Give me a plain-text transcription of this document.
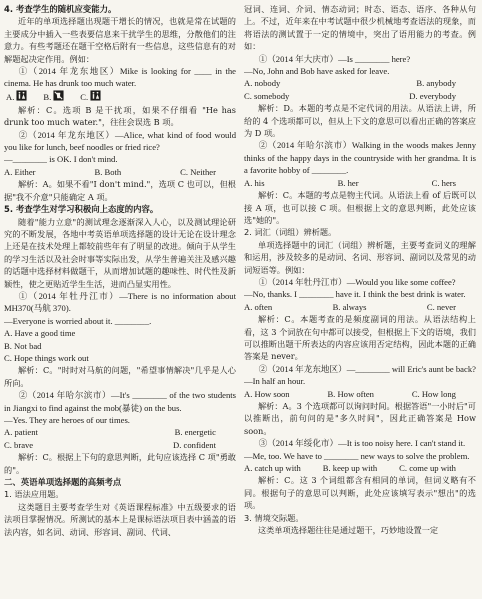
4. 考查学生的随机应变能力。

近年的单项选择题出现题干增长的情况，也就是常在试题的主要成分中插入一些表要信息来干扰学生的思维，分散他们的注意力。有些考题还在题干空格后附有一些信息，这些信息有的对解题起决定作用。例如：

①（2014 年龙东地区）Mike is looking for ____ in the cinema. He has drunk too much water.

A.	B.	C.

解析：C。选项 B 是干扰项，如果不仔细看 "He has drunk too much water."，往往会误选 B 项。

②（2014 年龙东地区）—Alice, what kind of food would you like for lunch, beef noodles or fried rice?

—________ is OK. I don't mind.

A. Either	B. Both	C. Neither

解析：A。如果不看"I don't mind."，选项 C 也可以，但根据"我不介意"只能确定 A 项。

5. 考查学生对学习积极向上态度的内容。

随着"能力立意"的测试理念逐渐深入人心，以及测试理论研究的不断发展，各地中考英语单项选择题的设计无论在设计理念上还是在技术处理上都较前些年有了明显的改进。倾向于从学生的学习生活以及社会时事等实际出发，从学生普遍关注及感兴趣的话题中选择材料做题干，从而增加试题的趣味性、时代性及新颖性，使之更贴近学生生活，进而凸显实用性。

①（2014 年牡丹江市）—There is no information about MH370(马航 370).

—Everyone is worried about it. ________.

A. Have a good time

B. Not bad

C. Hope things work out

解析：C。"时时对马航的问题，"希望事情解决"几乎是人心所向。

②（2014 年哈尔滨市）—It's ________ of the two students in Jiangxi to find against the mob(暴徒) on the bus.

—Yes. They are heroes of our times.

A. patient	B. energetic
C. brave	D. confident

解析：C。根据上下句的意思判断，此句应该选择 C 项"勇敢的"。

二、英语单项选择题的高频考点

1. 语法应用题。

这类题目主要考查学生对《英语课程标准》中五级要求的语法项目掌握情况。所测试的基本上是课标语法项目表中涵盖的语法内容，如名词、动词、形容词、副词、代词、

冠词、连词、介词、情态动词；时态、语态、语序、各种从句上。不过，近年来在中考试题中很少机械地考查语法的现象，而将语法的测试置于一定的情境中，突出了语用能力的考查。例如：

①（2014 年大庆市）—Is ________ here?

—No, John and Bob have asked for leave.

A. nobody	B. anybody
C. somebody	D. everybody

解析：D。本题的考点是不定代词的用法。从语法上讲，所给的 4 个选项都可以，但从上下文的意思可以看出正确的答案应为 D 项。

②（2014 年哈尔滨市）Walking in the woods makes Jenny thinks of the happy days in the countryside with her grandma. It is a favorite hobby of ________.

A. his	B. her	C. hers

解析：C。本题的考点是物主代词。从语法上看 of 后既可以接 A 项，也可以接 C 项。但根据上文的意思判断，此处应该选"她的"。

2. 词汇（词组）辨析题。

单项选择题中的词汇（词组）辨析题，主要考查词义的理解和运用，涉及较多的是动词、名词、形容词、副词以及常见的动词短语等。例如：

①（2014 年牡丹江市）—Would you like some coffee?

—No, thanks. I ________ have it. I think the best drink is water.

A. often	B. always	C. never

解析：C。本题考查的是频度副词的用法。从语法结构上看，这 3 个词放在句中都可以接受，但根据上下文的语境，我们可以推断出题干所表达的内容应该用否定结构，因此本题的正确答案是 never。

②（2014 年龙东地区）—________ will Eric's aunt be back?

—In half an hour.

A. How soon	B. How often	C. How long

解析：A。3 个选项都可以询问时间。根据答语"一小时后"可以推断出，前句问的是"多久时间"，因此正确答案是 How soon。

③（2014 年绥化市）—It is too noisy here. I can't stand it.

—Me, too. We have to ________ new ways to solve the problem.

A. catch up with	B. keep up with	C. come up with

解析：C。这 3 个词组都含有相同的单词，但词义略有不同。根据句子的意思可以判断，此处应该填写表示"想出"的选项。

3. 情境交际题。

这类单项选择题往往是通过题干，巧妙地设置一定
